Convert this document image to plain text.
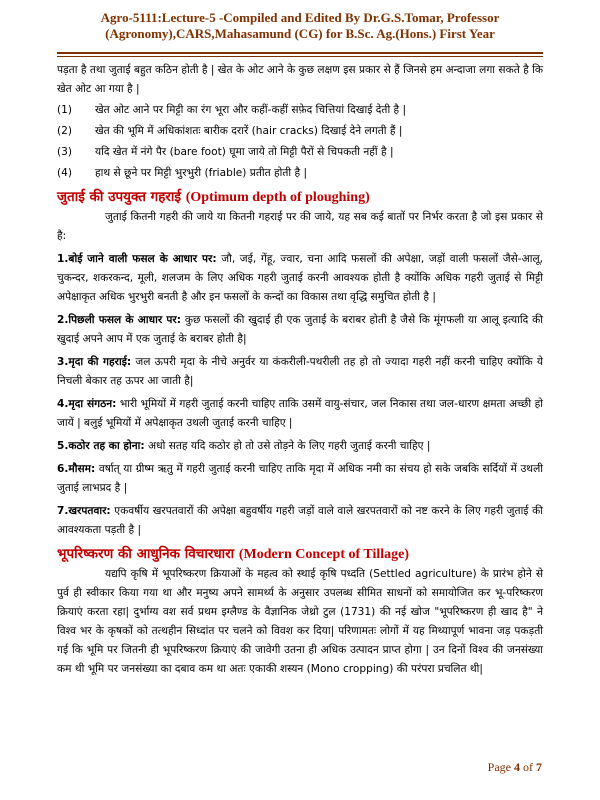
Agro-5111:Lecture-5 -Compiled and Edited By Dr.G.S.Tomar, Professor
(Agronomy),CARS,Mahasamund (CG) for B.Sc. Ag.(Hons.) First Year

पड़ता है तथा जुताई बहुत कठिन होती है | खेत के ओट आने के कुछ लक्षण इस प्रकार से हैं जिनसे हम अन्दाजा लगा सकते है कि खेत ओट आ गया है |

(1)	खेत ओट आने पर मिट्टी का रंग भूरा और कहीं-कहीं सफ़ेद चित्तियां दिखाई देती है |
(2)	खेत की भूमि में अधिकांशतः बारीक दरारें (hair cracks) दिखाई देने लगती हैं |
(3)	यदि खेत में नंगे पैर (bare foot) घूमा जाये तो मिट्टी पैरों से चिपकती नहीं है |
(4)	हाथ से छूने पर मिट्टी भुरभुरी (friable) प्रतीत होती है |
जुताई की उपयुक्त गहराई (Optimum depth of ploughing)

जुताई कितनी गहरी की जाये या कितनी गहराई पर की जाये, यह सब कई बातों पर निर्भर करता है जो इस प्रकार से है:

1.बोई जाने वाली फसल के आधार पर: जौ, जई, गेंहू, ज्वार, चना आदि फसलों की अपेक्षा, जड़ों वाली फसलों जैसे-आलू, चुकन्दर, शकरकन्द, मूली, शलजम के लिए अधिक गहरी जुताई करनी आवश्यक होती है क्योंकि अधिक गहरी जुताई से मिट्टी अपेक्षाकृत अधिक भुरभुरी बनती है और इन फसलों के कन्दों का विकास तथा वृद्धि समुचित होती है |

2.पिछली फसल के आधार पर: कुछ फसलों की खुदाई ही एक जुताई के बराबर होती है जैसे कि मूंगफली या आलू इत्यादि की खुदाई अपने आप में एक जुताई के बराबर होती है|

3.मृदा की गहराई: जल ऊपरी मृदा के नीचे अनुर्वर या कंकरीली-पथरीली तह हो तो ज्यादा गहरी नहीं करनी चाहिए क्योंकि ये निचली बेकार तह ऊपर आ जाती है|

4.मृदा संगठन: भारी भूमियों में गहरी जुताई करनी चाहिए ताकि उसमें वायु-संचार, जल निकास तथा जल-धारण क्षमता अच्छी हो जायें | बलुई भूमियों में अपेक्षाकृत उथली जुताई करनी चाहिए |

5.कठोर तह का होना: अधो सतह यदि कठोर हो तो उसे तोड़ने के लिए गहरी जुताई करनी चाहिए |

6.मौसम: वर्षात् या ग्रीष्म ऋतु में गहरी जुताई करनी चाहिए ताकि मृदा में अधिक नमी का संचय हो सके जबकि सर्दियों में उथली जुताई लाभप्रद है |

7.खरपतवार: एकवर्षीय खरपतवारों की अपेक्षा बहुवर्षीय गहरी जड़ों वाले वाले खरपतवारों को नष्ट करने के लिए गहरी जुताई की आवश्यकता पड़ती है |

भूपरिष्करण की आधुनिक विचारधारा (Modern Concept of Tillage)

यद्यपि कृषि में भूपरिष्करण क्रियाओं के महत्व को स्थाई कृषि पध्दति (Settled agriculture) के प्रारंभ होने से पुर्व ही स्वीकार किया गया था और मनुष्य अपने सामर्थ्य के अनुसार उपलब्ध सीमित साधनों को समायोजित कर भू-परिष्करण क्रियाएं करता रहा| दुर्भाग्य वश सर्व प्रथम इग्लैण्ड के वैज्ञानिक जेथ्रो टुल (1731) की नई खोज "भूपरिष्करण ही खाद है" ने विश्व भर के कृषकों को तत्थहीन सिध्दांत पर चलने को विवश कर दिया| परिणामतः लोगों में यह मिथ्यापूर्ण भावना जड़ पकड़ती गई कि भूमि पर जितनी ही भूपरिष्करण क्रियाएं की जावेगी उतना ही अधिक उत्पादन प्राप्त होगा | उन दिनों विश्व की जनसंख्या कम थी भूमि पर जनसंख्या का दबाव कम था अतः एकाकी शस्यन (Mono cropping) की परंपरा प्रचलित थी|

Page 4 of 7
